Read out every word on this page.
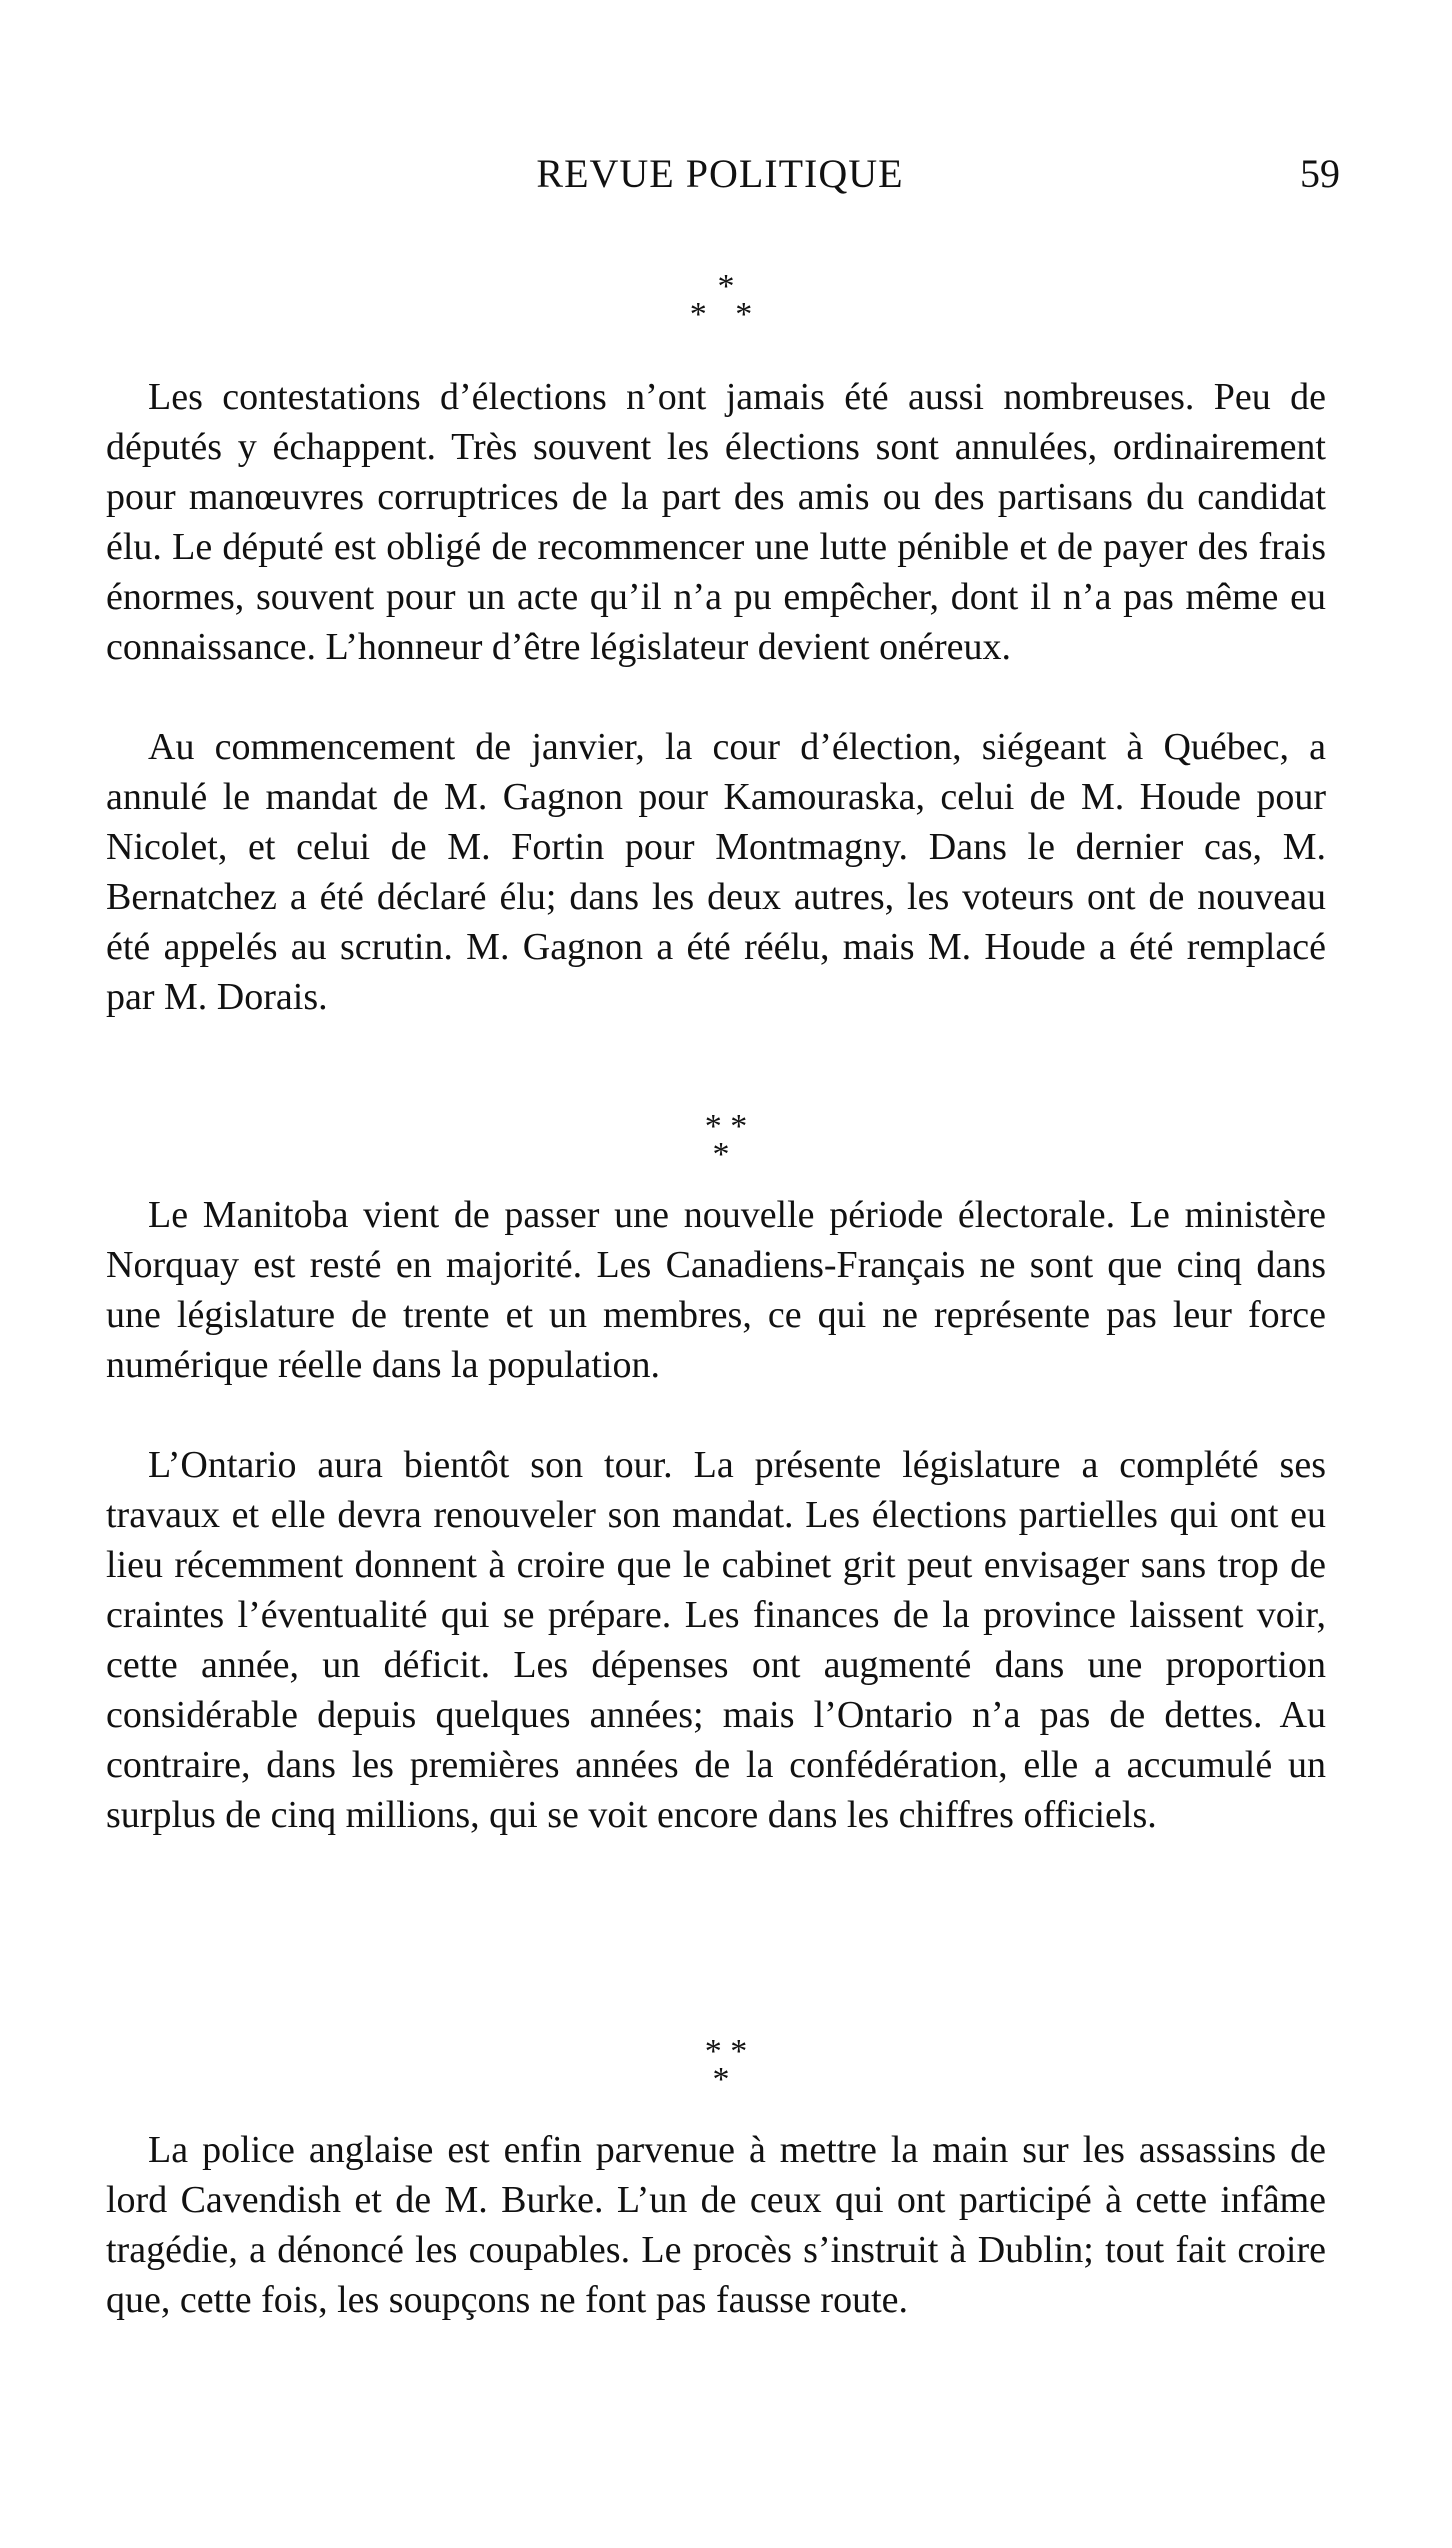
REVUE POLITIQUE	59
*
* *

Les contestations d’élections n’ont jamais été aussi nombreuses. Peu de députés y échappent. Très souvent les élections sont annulées, ordinairement pour manœuvres corruptrices de la part des amis ou des partisans du candidat élu. Le député est obligé de recommencer une lutte pénible et de payer des frais énormes, souvent pour un acte qu’il n’a pu empêcher, dont il n’a pas même eu connaissance. L’honneur d’être législateur devient onéreux.

Au commencement de janvier, la cour d’élection, siégeant à Québec, a annulé le mandat de M. Gagnon pour Kamouraska, celui de M. Houde pour Nicolet, et celui de M. Fortin pour Montmagny. Dans le dernier cas, M. Bernatchez a été déclaré élu; dans les deux autres, les voteurs ont de nouveau été appelés au scrutin. M. Gagnon a été réélu, mais M. Houde a été remplacé par M. Dorais.

* *
*

Le Manitoba vient de passer une nouvelle période électorale. Le ministère Norquay est resté en majorité. Les Canadiens-Français ne sont que cinq dans une législature de trente et un membres, ce qui ne représente pas leur force numérique réelle dans la population.

L’Ontario aura bientôt son tour. La présente législature a complété ses travaux et elle devra renouveler son mandat. Les élections partielles qui ont eu lieu récemment donnent à croire que le cabinet grit peut envisager sans trop de craintes l’éventualité qui se prépare. Les finances de la province laissent voir, cette année, un déficit. Les dépenses ont augmenté dans une proportion considérable depuis quelques années; mais l’Ontario n’a pas de dettes. Au contraire, dans les premières années de la confédération, elle a accumulé un surplus de cinq millions, qui se voit encore dans les chiffres officiels.

* *
*

La police anglaise est enfin parvenue à mettre la main sur les assassins de lord Cavendish et de M. Burke. L’un de ceux qui ont participé à cette infâme tragédie, a dénoncé les coupables. Le procès s’instruit à Dublin; tout fait croire que, cette fois, les soupçons ne font pas fausse route.
